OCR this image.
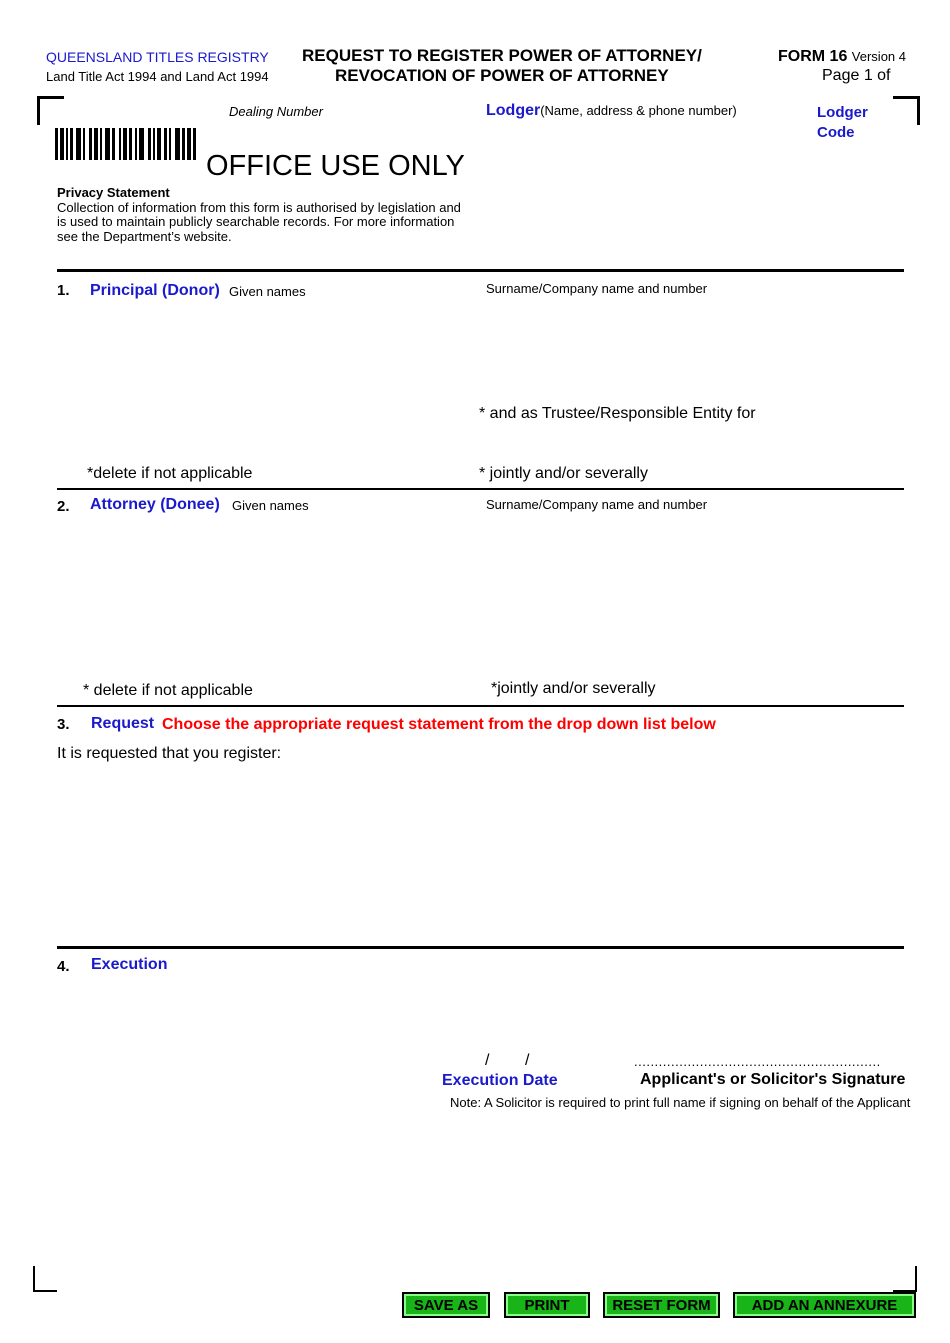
QUEENSLAND TITLES REGISTRY
Land Title Act 1994 and Land Act 1994
REQUEST TO REGISTER POWER OF ATTORNEY/
REVOCATION OF POWER OF ATTORNEY
FORM 16 Version 4
Page 1 of
Dealing Number
OFFICE USE ONLY
Lodger(Name, address & phone number)	Lodger
Code
Privacy Statement
Collection of information from this form is authorised by legislation and
is used to maintain publicly searchable records. For more information
see the Department’s website.
1. Principal (Donor) Given names	Surname/Company name and number
* and as Trustee/Responsible Entity for
*delete if not applicable	* jointly and/or severally
2. Attorney (Donee) Given names	Surname/Company name and number
* delete if not applicable	*jointly and/or severally
3. Request Choose the appropriate request statement from the drop down list below
It is requested that you register:
4. Execution
/        /
Execution Date
............................................................
Applicant's or Solicitor's Signature
Note: A Solicitor is required to print full name if signing on behalf of the Applicant
SAVE AS	PRINT	RESET FORM	ADD AN ANNEXURE
